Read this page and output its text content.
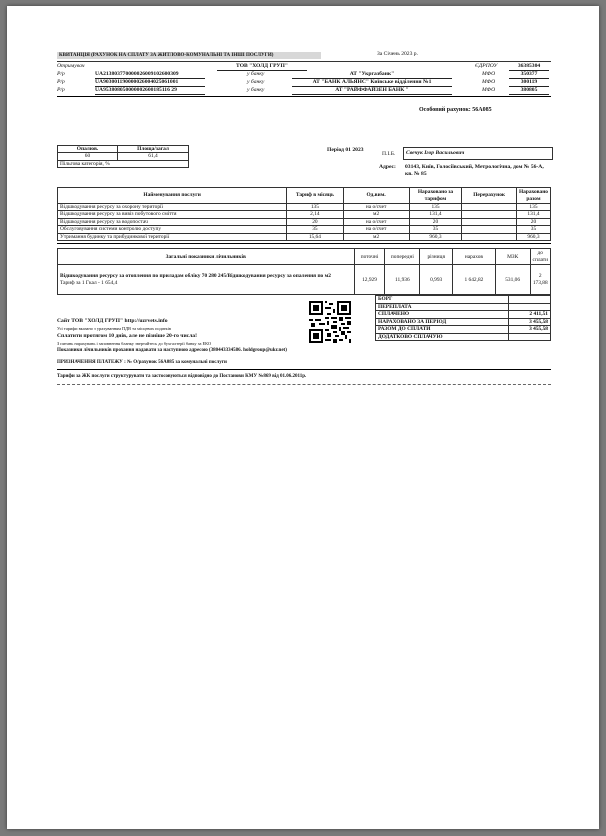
КВИТАНЦІЯ (РАХУНОК НА СПЛАТУ ЗА ЖИТЛОВО-КОМУНАЛЬНІ ТА ІНШІ ПОСЛУГИ)	За Січень 2023 р.
Отримувач	ТОВ "ХОЛД ГРУП"	ЄДРПОУ	36385304
Р/р	UA213803770000026009102600309	у банку	АТ "Укргазбанк"	МФО	350377
Р/р	UA903001190000026004025061001	у банку	АТ "БАНК АЛЬЯНС" Київське відділення №1	МФО	300119
Р/р	UA953808050000002600185116 29	у банку	АТ "РАЙФФАЙЗЕН БАНК "	МФО	380805
Особовий рахунок: 56А085
Опалюв.	Площа/загал
60	61,4
Пільгова категорія, %	
Період 01 2023
П.І.Б.	Свечук Ігор Васильович
Адрес: 03143, Київ, Голосіївський, Метрологічна, дом № 56-А, кв. № 85
Найменування послуги	Тариф в місяць	Од.вим.	Нараховано за тарифом	Перерахунок	Нараховано разом
Відшкодування ресурсу за охорону території	135	на о/счет	135		135
Відшкодування ресурсу за вивіз побутового сміття	2,14	м2	131,4		131,4
Відшкодування ресурсу за водопостач	20	на о/счет	20		20
Обслуговування системи контролю доступу	35	на о/счет	35		35
Утримання будинку та прибудинкової території	15,64	м2	960,3		960,3
Загальні показники лічильників	поточні	попередні	різниця	нарахов	МЗК	до сплати

Відшкодування ресурсу за отоплення по приладам обліку 70 280 245/Відшкодування ресурсу за опалення по м2
Тариф за 1 Гкал - 1 654,4	12,929	11,936	0,993	1 642,82	531,06	2 173,88
Сайт ТОВ "ХОЛД ГРУП" http://uzrvets.info
Усі тарифи вказано з урахуванням ПДВ та місцевих податків
Сплатити протягом 10 днів, але не пізніше 20-го числа!
З питань нарахувань і заповнення бланку звертайтесь до бухгалтерії банку за ЕКО
Показники лічильників прохання надавати за наступною адресою (380443334586. holdgroup@ukr.net)
БОРГ	
ПЕРЕПЛАТА	
СПЛАЧЕНО	2 411,51
НАРАХОВАНО ЗА ПЕРІОД	3 455,58
РАЗОМ ДО СПЛАТИ	3 455,58
ДОДАТКОВО СПЛАЧУЮ	
ПРИЗНАЧЕННЯ ПЛАТЕЖУ : № О/рахунок 56А085 за комунальні послуги
Тарифи за ЖК послуги структурувати та застосовуються відповідно до Постанови КМУ №869 від 01.06.2011р.
